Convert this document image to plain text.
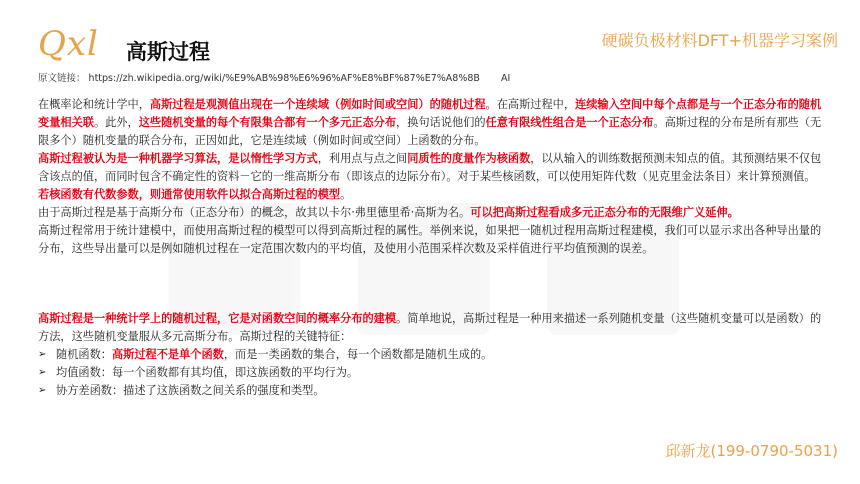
Qxl 高斯过程	硬碳负极材料DFT+机器学习案例
原文链接： https://zh.wikipedia.org/wiki/%E9%AB%98%E6%96%AF%E8%BF%87%E7%A8%8B AI

在概率论和统计学中，高斯过程是观测值出现在一个连续域（例如时间或空间）的随机过程。在高斯过程中，连续输入空间中每个点都是与一个正态分布的随机变量相关联。此外，这些随机变量的每个有限集合都有一个多元正态分布，换句话说他们的任意有限线性组合是一个正态分布。高斯过程的分布是所有那些（无限多个）随机变量的联合分布，正因如此，它是连续域（例如时间或空间）上函数的分布。

高斯过程被认为是一种机器学习算法，是以惰性学习方式，利用点与点之间同质性的度量作为核函数，以从输入的训练数据预测未知点的值。其预测结果不仅包含该点的值，而同时包含不确定性的资料－它的一维高斯分布（即该点的边际分布）。对于某些核函数，可以使用矩阵代数（见克里金法条目）来计算预测值。若核函数有代数参数，则通常使用软件以拟合高斯过程的模型。

由于高斯过程是基于高斯分布（正态分布）的概念，故其以卡尔·弗里德里希·高斯为名。可以把高斯过程看成多元正态分布的无限维广义延伸。

高斯过程常用于统计建模中，而使用高斯过程的模型可以得到高斯过程的属性。举例来说，如果把一随机过程用高斯过程建模，我们可以显示求出各种导出量的分布，这些导出量可以是例如随机过程在一定范围次数内的平均值，及使用小范围采样次数及采样值进行平均值预测的误差。

高斯过程是一种统计学上的随机过程，它是对函数空间的概率分布的建模。简单地说，高斯过程是一种用来描述一系列随机变量（这些随机变量可以是函数）的方法，这些随机变量服从多元高斯分布。高斯过程的关键特征：

➢ 随机函数：高斯过程不是单个函数，而是一类函数的集合，每一个函数都是随机生成的。
➢ 均值函数：每一个函数都有其均值，即这族函数的平均行为。
➢ 协方差函数：描述了这族函数之间关系的强度和类型。
邱新龙(199-0790-5031)
